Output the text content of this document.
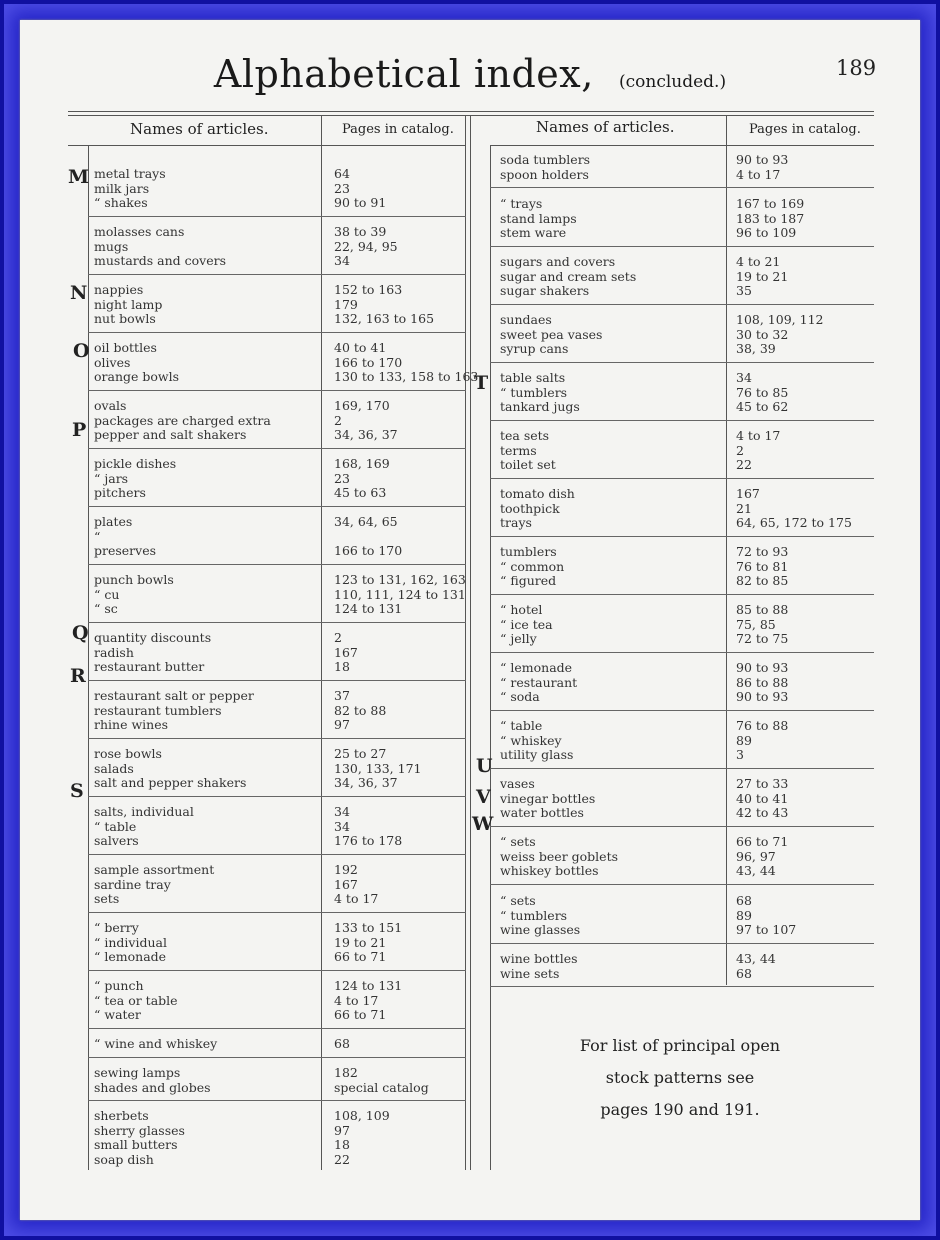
Alphabetical index, (concluded.)
189
Names of articles.	Pages in catalog.	Names of articles.	Pages in catalog.
metal trays	64
milk jars	23
“ shakes	90 to 91
molasses cans	38 to 39
mugs	22, 94, 95
mustards and covers	34
nappies	152 to 163
night lamp	179
nut bowls	132, 163 to 165
oil bottles	40 to 41
olives	166 to 170
orange bowls	130 to 133, 158 to 163
ovals	169, 170
packages are charged extra	2
pepper and salt shakers	34, 36, 37
pickle dishes	168, 169
“ jars	23
pitchers	45 to 63
plates	34, 64, 65
“
preserves	166 to 170
punch bowls	123 to 131, 162, 163
“ cu	110, 111, 124 to 131
“ sc	124 to 131
quantity discounts	2
radish	167
restaurant butter	18
restaurant salt or pepper	37
restaurant tumblers	82 to 88
rhine wines	97
rose bowls	25 to 27
salads	130, 133, 171
salt and pepper shakers	34, 36, 37
salts, individual	34
“ table	34
salvers	176 to 178
sample assortment	192
sardine tray	167
sets	4 to 17
“ berry	133 to 151
“ individual	19 to 21
“ lemonade	66 to 71
“ punch	124 to 131
“ tea or table	4 to 17
“ water	66 to 71
“ wine and whiskey	68
sewing lamps	182
shades and globes	special catalog
sherbets	108, 109
sherry glasses	97
small butters	18
soap dish	22
soda tumblers	90 to 93
spoon holders	4 to 17
“ trays	167 to 169
stand lamps	183 to 187
stem ware	96 to 109
sugars and covers	4 to 21
sugar and cream sets	19 to 21
sugar shakers	35
sundaes	108, 109, 112
sweet pea vases	30 to 32
syrup cans	38, 39
table salts	34
“ tumblers	76 to 85
tankard jugs	45 to 62
tea sets	4 to 17
terms	2
toilet set	22
tomato dish	167
toothpick	21
trays	64, 65, 172 to 175
tumblers	72 to 93
“ common	76 to 81
“ figured	82 to 85
“ hotel	85 to 88
“ ice tea	75, 85
“ jelly	72 to 75
“ lemonade	90 to 93
“ restaurant	86 to 88
“ soda	90 to 93
“ table	76 to 88
“ whiskey	89
utility glass	3
vases	27 to 33
vinegar bottles	40 to 41
water bottles	42 to 43
“ sets	66 to 71
weiss beer goblets	96, 97
whiskey bottles	43, 44
“ sets	68
“ tumblers	89
wine glasses	97 to 107
wine bottles	43, 44
wine sets	68
M
N
O
P
Q
R
S
T
U
V
W
For list of principal open
stock patterns see
pages 190 and 191.
